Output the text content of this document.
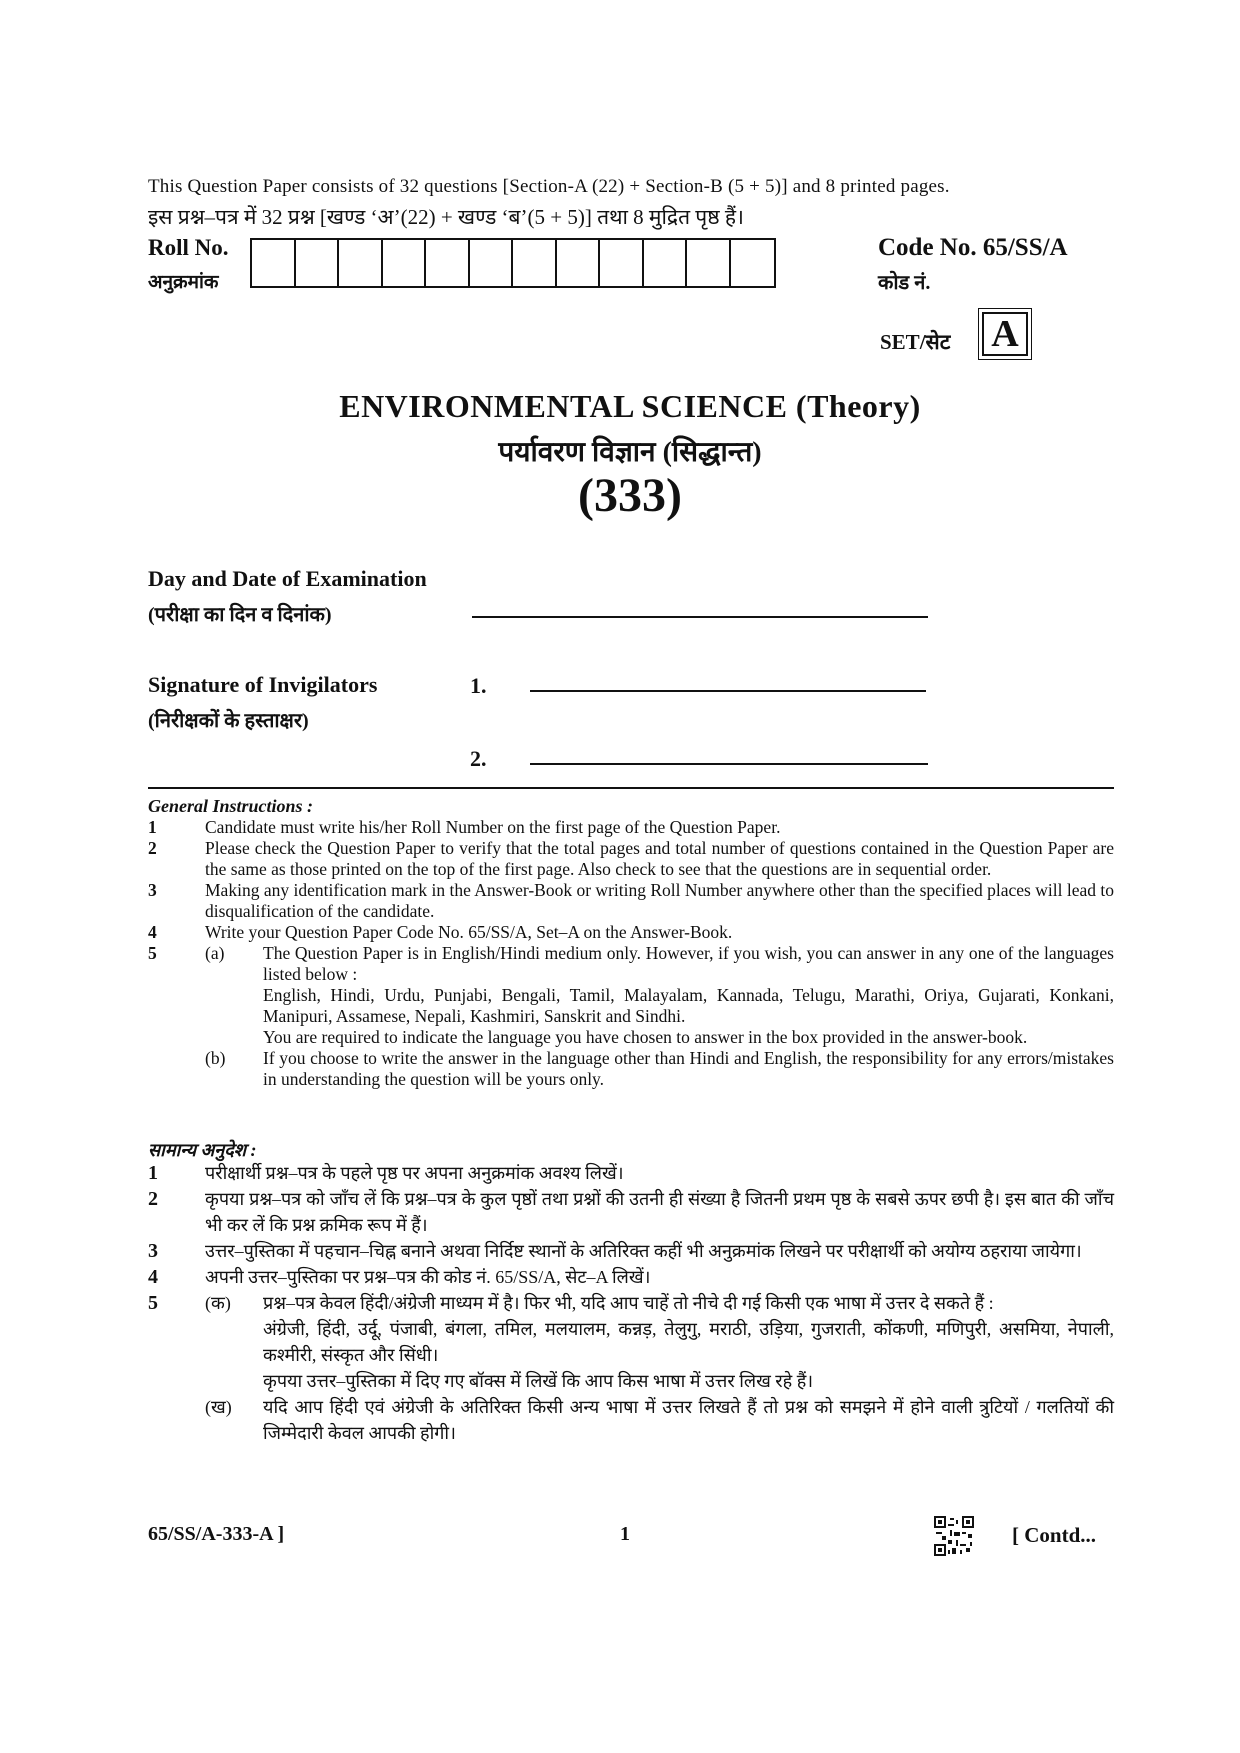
This Question Paper consists of 32 questions [Section-A (22) + Section-B (5 + 5)] and 8 printed pages.
इस प्रश्न–पत्र में 32 प्रश्न [खण्ड ‘अ’(22) + खण्ड ‘ब’(5 + 5)] तथा 8 मुद्रित पृष्ठ हैं।
Roll No.
अनुक्रमांक
Code No. 65/SS/A
कोड नं.
SET/सेट A
ENVIRONMENTAL SCIENCE (Theory)
पर्यावरण विज्ञान (सिद्धान्त)
(333)
Day and Date of Examination
(परीक्षा का दिन व दिनांक)
Signature of Invigilators
(निरीक्षकों के हस्ताक्षर)
1.
2.
General Instructions :
1	Candidate must write his/her Roll Number on the first page of the Question Paper.
2	Please check the Question Paper to verify that the total pages and total number of questions contained in the Question Paper are the same as those printed on the top of the first page. Also check to see that the questions are in sequential order.
3	Making any identification mark in the Answer-Book or writing Roll Number anywhere other than the specified places will lead to disqualification of the candidate.
4	Write your Question Paper Code No. 65/SS/A, Set–A on the Answer-Book.
5	(a)	The Question Paper is in English/Hindi medium only. However, if you wish, you can answer in any one of the languages listed below :
English, Hindi, Urdu, Punjabi, Bengali, Tamil, Malayalam, Kannada, Telugu, Marathi, Oriya, Gujarati, Konkani, Manipuri, Assamese, Nepali, Kashmiri, Sanskrit and Sindhi.
You are required to indicate the language you have chosen to answer in the box provided in the answer-book.
(b)	If you choose to write the answer in the language other than Hindi and English, the responsibility for any errors/mistakes in understanding the question will be yours only.
सामान्य अनुदेश :
1	परीक्षार्थी प्रश्न–पत्र के पहले पृष्ठ पर अपना अनुक्रमांक अवश्य लिखें।
2	कृपया प्रश्न–पत्र को जाँच लें कि प्रश्न–पत्र के कुल पृष्ठों तथा प्रश्नों की उतनी ही संख्या है जितनी प्रथम पृष्ठ के सबसे ऊपर छपी है। इस बात की जाँच भी कर लें कि प्रश्न क्रमिक रूप में हैं।
3	उत्तर–पुस्तिका में पहचान–चिह्न बनाने अथवा निर्दिष्ट स्थानों के अतिरिक्त कहीं भी अनुक्रमांक लिखने पर परीक्षार्थी को अयोग्य ठहराया जायेगा।
4	अपनी उत्तर–पुस्तिका पर प्रश्न–पत्र की कोड नं. 65/SS/A, सेट–A लिखें।
5	(क)	प्रश्न–पत्र केवल हिंदी/अंग्रेजी माध्यम में है। फिर भी, यदि आप चाहें तो नीचे दी गई किसी एक भाषा में उत्तर दे सकते हैं :
अंग्रेजी, हिंदी, उर्दू, पंजाबी, बंगला, तमिल, मलयालम, कन्नड़, तेलुगु, मराठी, उड़िया, गुजराती, कोंकणी, मणिपुरी, असमिया, नेपाली, कश्मीरी, संस्कृत और सिंधी।
कृपया उत्तर–पुस्तिका में दिए गए बॉक्स में लिखें कि आप किस भाषा में उत्तर लिख रहे हैं।
(ख)	यदि आप हिंदी एवं अंग्रेजी के अतिरिक्त किसी अन्य भाषा में उत्तर लिखते हैं तो प्रश्न को समझने में होने वाली त्रुटियों / गलतियों की जिम्मेदारी केवल आपकी होगी।
65/SS/A-333-A ]	1	[ Contd...
